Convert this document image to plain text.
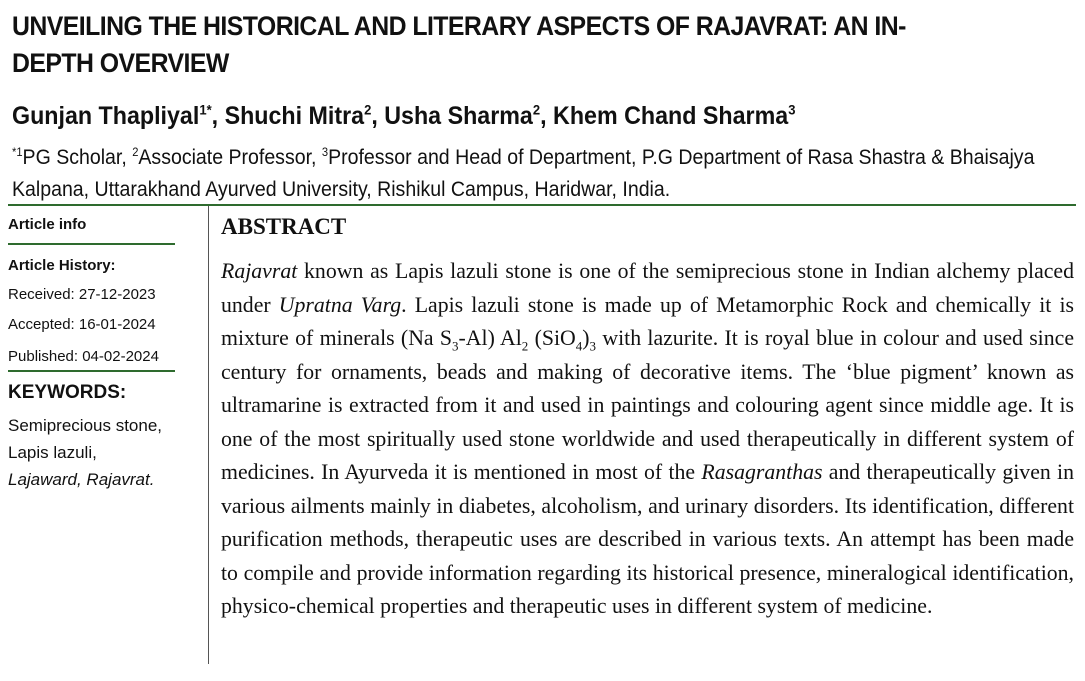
UNVEILING THE HISTORICAL AND LITERARY ASPECTS OF RAJAVRAT: AN IN-DEPTH OVERVIEW
Gunjan Thapliyal$^{1*}$, Shuchi Mitra$^2$, Usha Sharma$^2$, Khem Chand Sharma$^3$
$^{*1}$PG Scholar, $^2$Associate Professor, $^3$Professor and Head of Department, P.G Department of Rasa Shastra & Bhaisajya Kalpana, Uttarakhand Ayurved University, Rishikul Campus, Haridwar, India.
Article info
Article History:
Received: 27-12-2023
Accepted: 16-01-2024
Published: 04-02-2024
KEYWORDS:
Semiprecious stone,
Lapis lazuli,
Lajaward, Rajavrat.
ABSTRACT
Rajavrat known as Lapis lazuli stone is one of the semiprecious stone in Indian alchemy placed under Upratna Varg. Lapis lazuli stone is made up of Metamorphic Rock and chemically it is mixture of minerals (Na $S_3-Al$) $Al_2$ $(SiO_4)_3$ with lazurite. It is royal blue in colour and used since century for ornaments, beads and making of decorative items. The ‘blue pigment’ known as ultramarine is extracted from it and used in paintings and colouring agent since middle age. It is one of the most spiritually used stone worldwide and used therapeutically in different system of medicines. In Ayurveda it is mentioned in most of the Rasagranthas and therapeutically given in various ailments mainly in diabetes, alcoholism, and urinary disorders. Its identification, different purification methods, therapeutic uses are described in various texts. An attempt has been made to compile and provide information regarding its historical presence, mineralogical identification, physico-chemical properties and therapeutic uses in different system of medicine.
